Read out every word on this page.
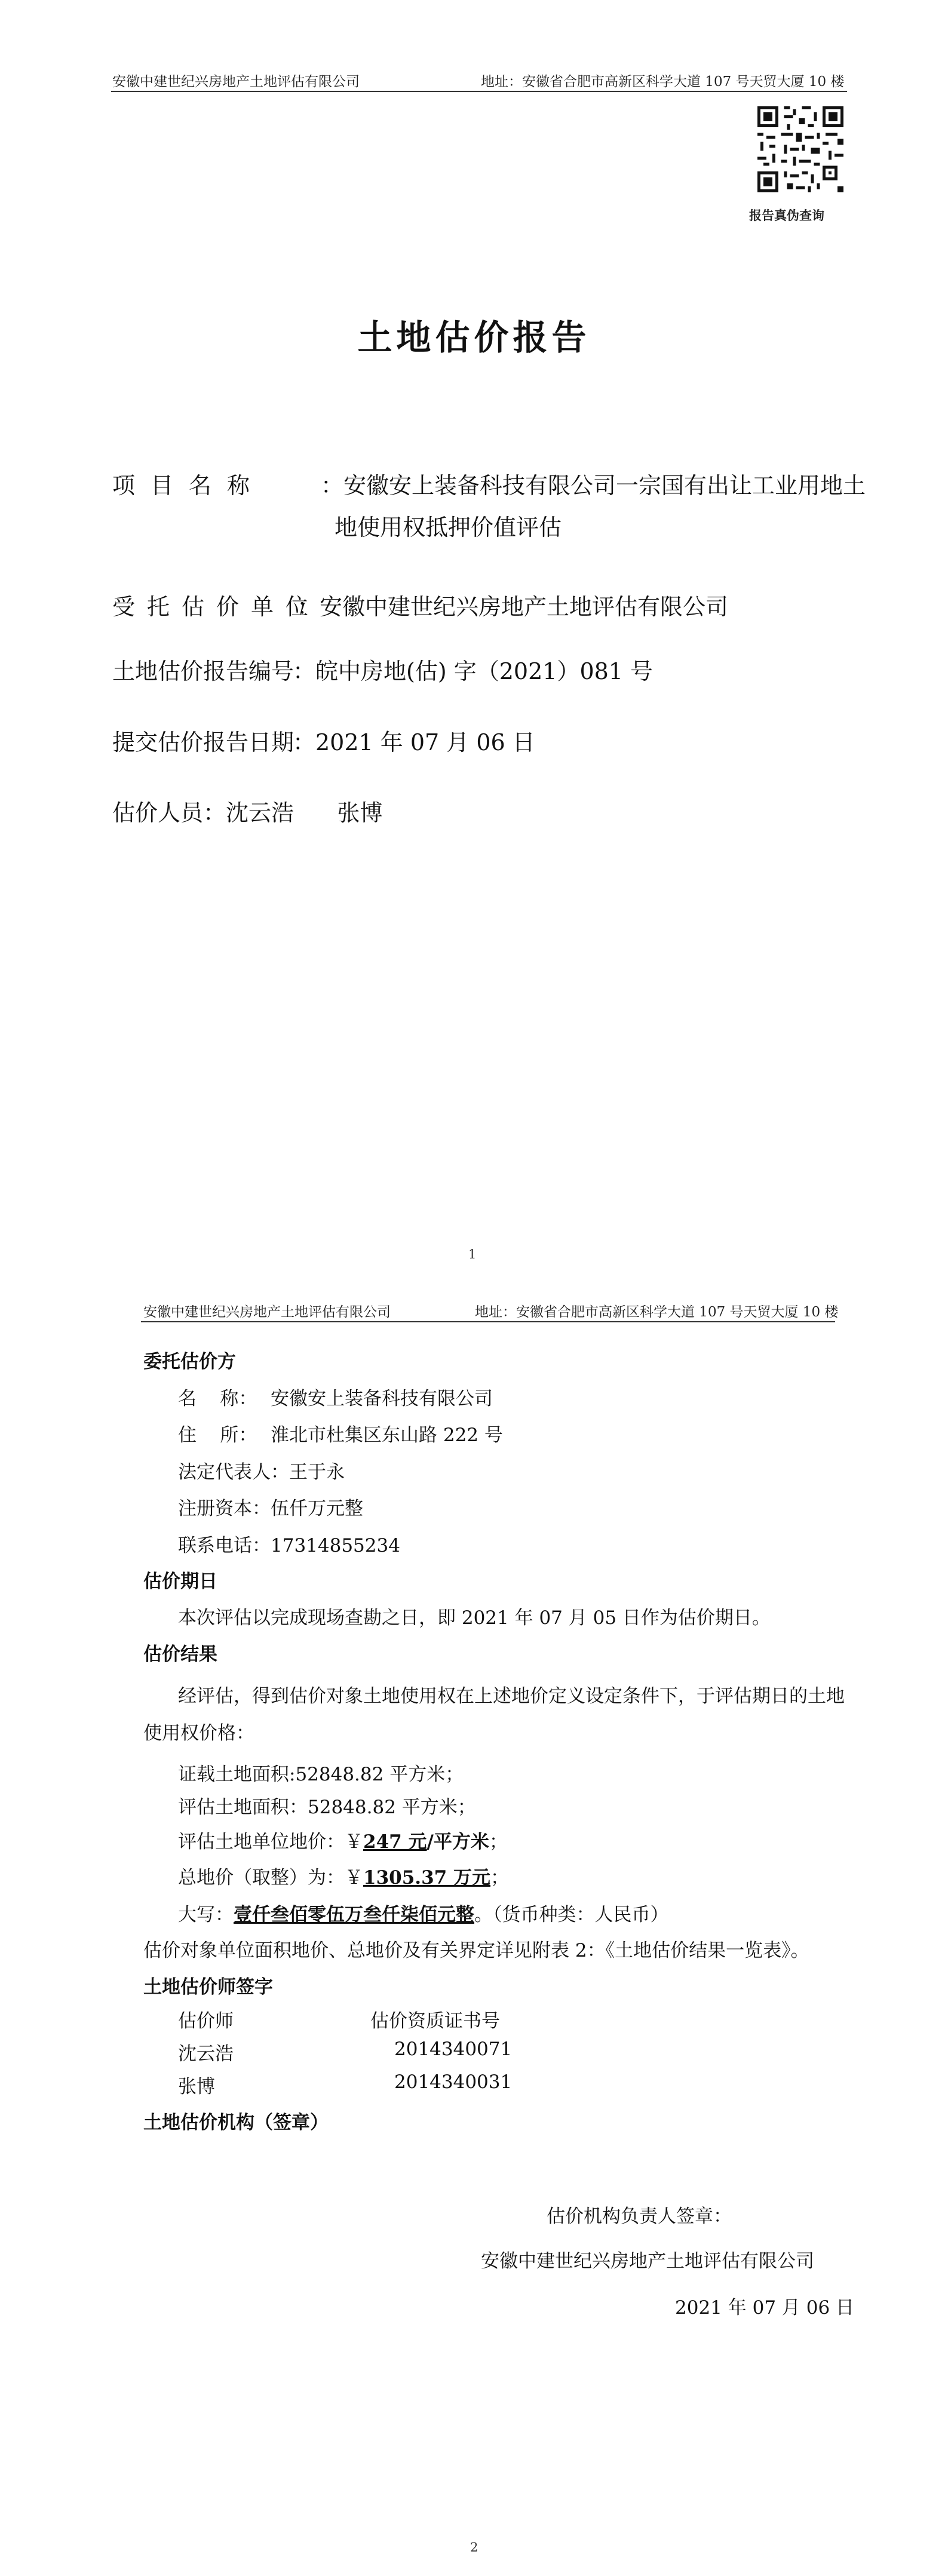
安徽中建世纪兴房地产土地评估有限公司	地址：安徽省合肥市高新区科学大道 107 号天贸大厦 10 楼
报告真伪查询
土地估价报告
项目名称 ：安徽安上装备科技有限公司一宗国有出让工业用地土
地使用权抵押价值评估
受托估价单位
：安徽中建世纪兴房地产土地评估有限公司
土地估价报告编号
：皖中房地(估) 字（2021）081 号
提交估价报告日期
：2021 年 07 月 06 日
估价人员 ：沈云浩      张博
1
安徽中建世纪兴房地产土地评估有限公司	地址：安徽省合肥市高新区科学大道 107 号天贸大厦 10 楼
委托估价方
名    称： 安徽安上装备科技有限公司
住    所： 淮北市杜集区东山路 222 号
法定代表人：王于永
注册资本：伍仟万元整
联系电话：17314855234
估价期日
本次评估以完成现场查勘之日，即 2021 年 07 月 05 日作为估价期日。
估价结果
经评估，得到估价对象土地使用权在上述地价定义设定条件下，于评估期日的土地
使用权价格：
证载土地面积:52848.82 平方米；
评估土地面积：52848.82 平方米；
评估土地单位地价：￥247 元/平方米；
总地价（取整）为：￥1305.37 万元；
大写：壹仟叁佰零伍万叁仟柒佰元整。（货币种类：人民币）
估价对象单位面积地价、总地价及有关界定详见附表 2：《土地估价结果一览表》。
土地估价师签字
估价师	估价资质证书号
沈云浩	2014340071
张博	2014340031
土地估价机构（签章）
估价机构负责人签章：
安徽中建世纪兴房地产土地评估有限公司
2021 年 07 月 06 日
2
